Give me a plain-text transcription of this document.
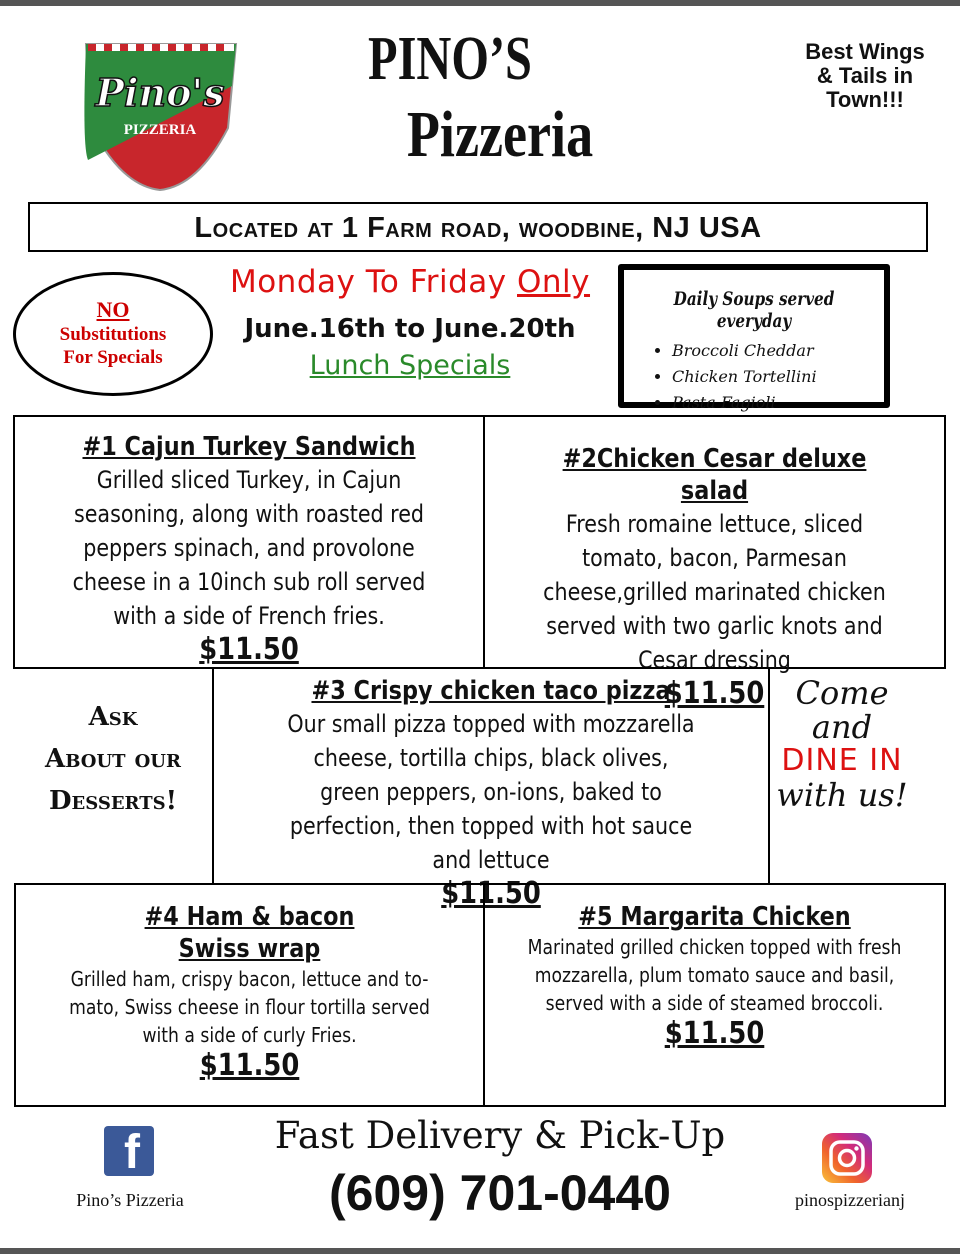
Pino's
PIZZERIA
PINO’S
Pizzeria
Best Wings & Tails in Town!!!
Located at 1 Farm road, woodbine, NJ USA
NO
Substitutions
For Specials
Monday To Friday Only
June.16th to June.20th
Lunch Specials
Daily Soups served everyday
• Broccoli Cheddar
• Chicken Tortellini
• Pasta Fagioli
#1 Cajun Turkey Sandwich
Grilled sliced Turkey, in Cajun seasoning, along with roasted red peppers spinach, and provolone cheese in a 10inch sub roll served with a side of French fries.
$11.50
#2Chicken Cesar deluxe salad
Fresh romaine lettuce, sliced tomato, bacon, Parmesan cheese,grilled marinated chicken served with two garlic knots and Cesar dressing
$11.50
Ask
About our
Desserts!
#3 Crispy chicken taco pizza
Our small pizza topped with mozzarella cheese, tortilla chips, black olives, green peppers, on-ions, baked to perfection, then topped with hot sauce and lettuce
$11.50
Come
and
DINE IN
with us!
#4 Ham & bacon Swiss wrap
Grilled ham, crispy bacon, lettuce and to-mato, Swiss cheese in flour tortilla served with a side of curly Fries.
$11.50
#5 Margarita Chicken
Marinated grilled chicken topped with fresh mozzarella, plum tomato sauce and basil, served with a side of steamed broccoli.
$11.50
f
Pino’s Pizzeria
Fast Delivery & Pick-Up
(609) 701-0440	pinospizzerianj
